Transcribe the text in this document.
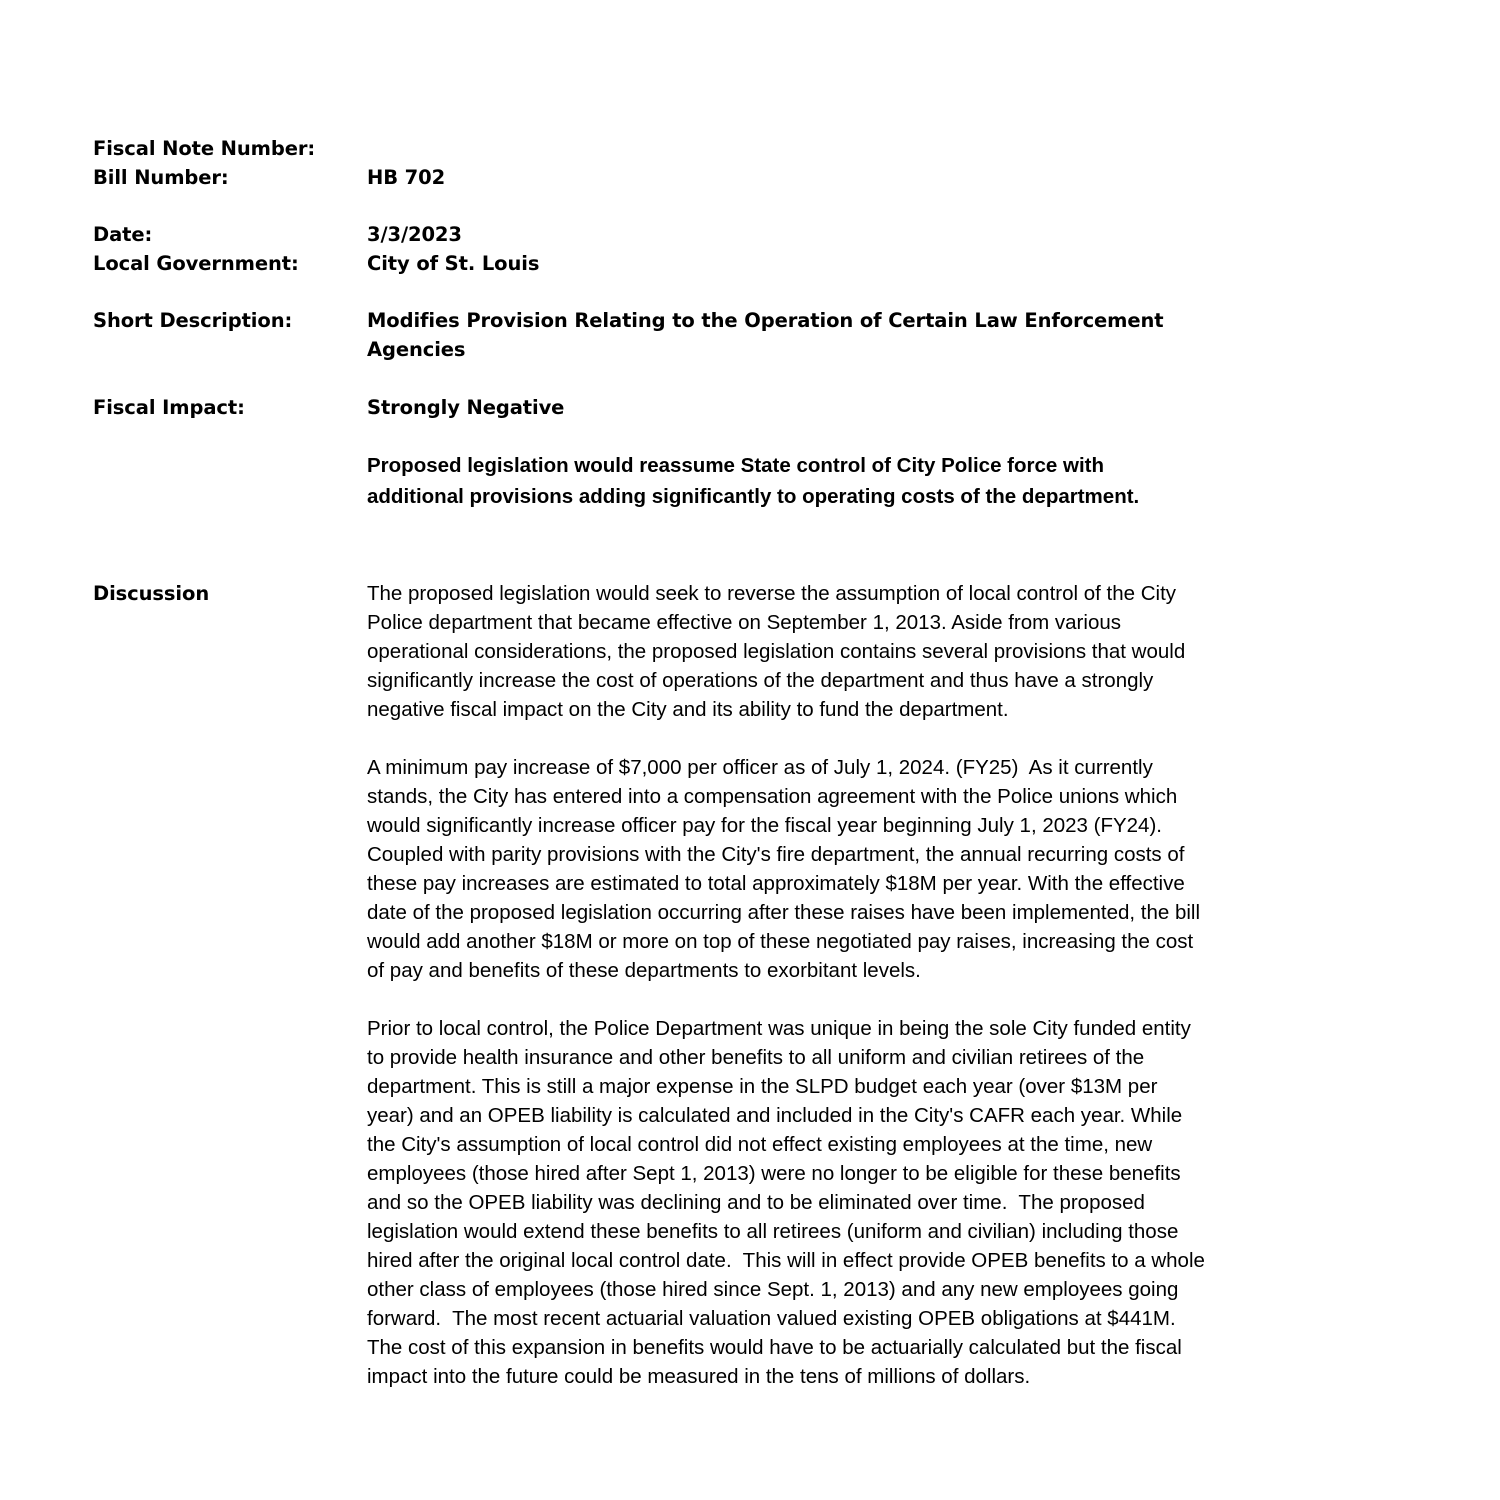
Fiscal Note Number:
Bill Number:	HB 702
Date:	3/3/2023
Local Government:	City of St. Louis
Short Description:	Modifies Provision Relating to the Operation of Certain Law Enforcement Agencies
Fiscal Impact:	Strongly Negative
Proposed legislation would reassume State control of City Police force with additional provisions adding significantly to operating costs of the department.
Discussion	The proposed legislation would seek to reverse the assumption of local control of the City Police department that became effective on September 1, 2013. Aside from various operational considerations, the proposed legislation contains several provisions that would significantly increase the cost of operations of the department and thus have a strongly negative fiscal impact on the City and its ability to fund the department.

A minimum pay increase of $7,000 per officer as of July 1, 2024. (FY25)  As it currently stands, the City has entered into a compensation agreement with the Police unions which would significantly increase officer pay for the fiscal year beginning July 1, 2023 (FY24).  Coupled with parity provisions with the City's fire department, the annual recurring costs of these pay increases are estimated to total approximately $18M per year. With the effective date of the proposed legislation occurring after these raises have been implemented, the bill would add another $18M or more on top of these negotiated pay raises, increasing the cost of pay and benefits of these departments to exorbitant levels.

Prior to local control, the Police Department was unique in being the sole City funded entity to provide health insurance and other benefits to all uniform and civilian retirees of the department. This is still a major expense in the SLPD budget each year (over $13M per year) and an OPEB liability is calculated and included in the City's CAFR each year. While the City's assumption of local control did not effect existing employees at the time, new employees (those hired after Sept 1, 2013) were no longer to be eligible for these benefits and so the OPEB liability was declining and to be eliminated over time.  The proposed legislation would extend these benefits to all retirees (uniform and civilian) including those hired after the original local control date.  This will in effect provide OPEB benefits to a whole other class of employees (those hired since Sept. 1, 2013) and any new employees going forward.  The most recent actuarial valuation valued existing OPEB obligations at $441M. The cost of this expansion in benefits would have to be actuarially calculated but the fiscal impact into the future could be measured in the tens of millions of dollars.
